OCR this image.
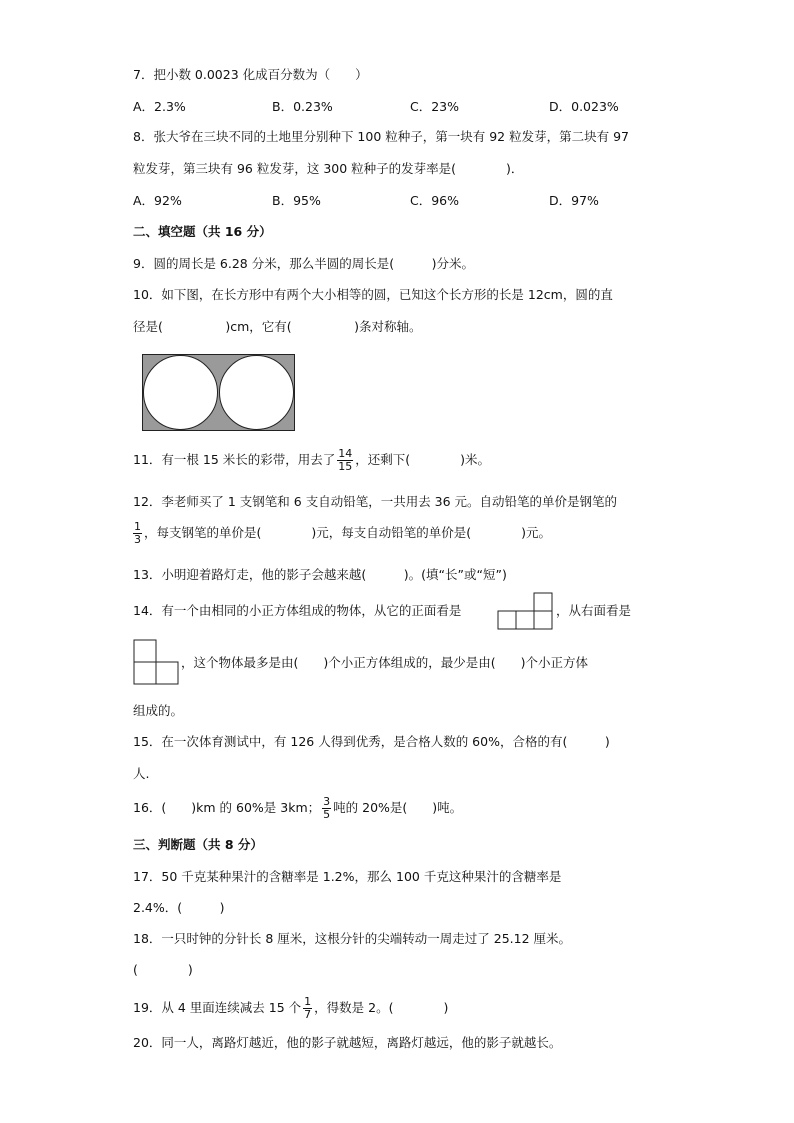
7．把小数 0.0023 化成百分数为（　　）
A．2.3%	B．0.23%	C．23%	D．0.023%
8．张大爷在三块不同的土地里分别种下 100 粒种子，第一块有 92 粒发芽，第二块有 97
粒发芽，第三块有 96 粒发芽，这 300 粒种子的发芽率是(　　　　)．
A．92%	B．95%	C．96%	D．97%
二、填空题（共 16 分）
9．圆的周长是 6.28 分米，那么半圆的周长是(　　　)分米。
10．如下图，在长方形中有两个大小相等的圆，已知这个长方形的长是 12cm，圆的直
径是(　　　　　)cm，它有(　　　　　)条对称轴。
11．有一根 15 米长的彩带，用去了 $\frac{14}{15}$ ，还剩下(　　　　)米。
12．李老师买了 1 支钢笔和 6 支自动铅笔，一共用去 36 元。自动铅笔的单价是钢笔的
$\frac{1}{3}$ ，每支钢笔的单价是(　　　　)元，每支自动铅笔的单价是(　　　　)元。
13．小明迎着路灯走，他的影子会越来越(　　　)。(填“长”或“短”)
14．有一个由相同的小正方体组成的物体，从它的正面看是	，从右面看是
，这个物体最多是由(　　)个小正方体组成的，最少是由(　　)个小正方体
组成的。
15．在一次体育测试中，有 126 人得到优秀，是合格人数的 60%，合格的有(　　　)
人.
16．(　　)km 的 60%是 3km； $\frac{3}{5}$ 吨的 20%是(　　)吨。
三、判断题（共 8 分）
17．50 千克某种果汁的含糖率是 1.2%，那么 100 千克这种果汁的含糖率是
2.4%．(　　　)
18．一只时钟的分针长 8 厘米，这根分针的尖端转动一周走过了 25.12 厘米。
(　　　　)
19．从 4 里面连续减去 15 个 $\frac{1}{7}$ ，得数是 2。(　　　　)
20．同一人，离路灯越近，他的影子就越短，离路灯越远，他的影子就越长。
